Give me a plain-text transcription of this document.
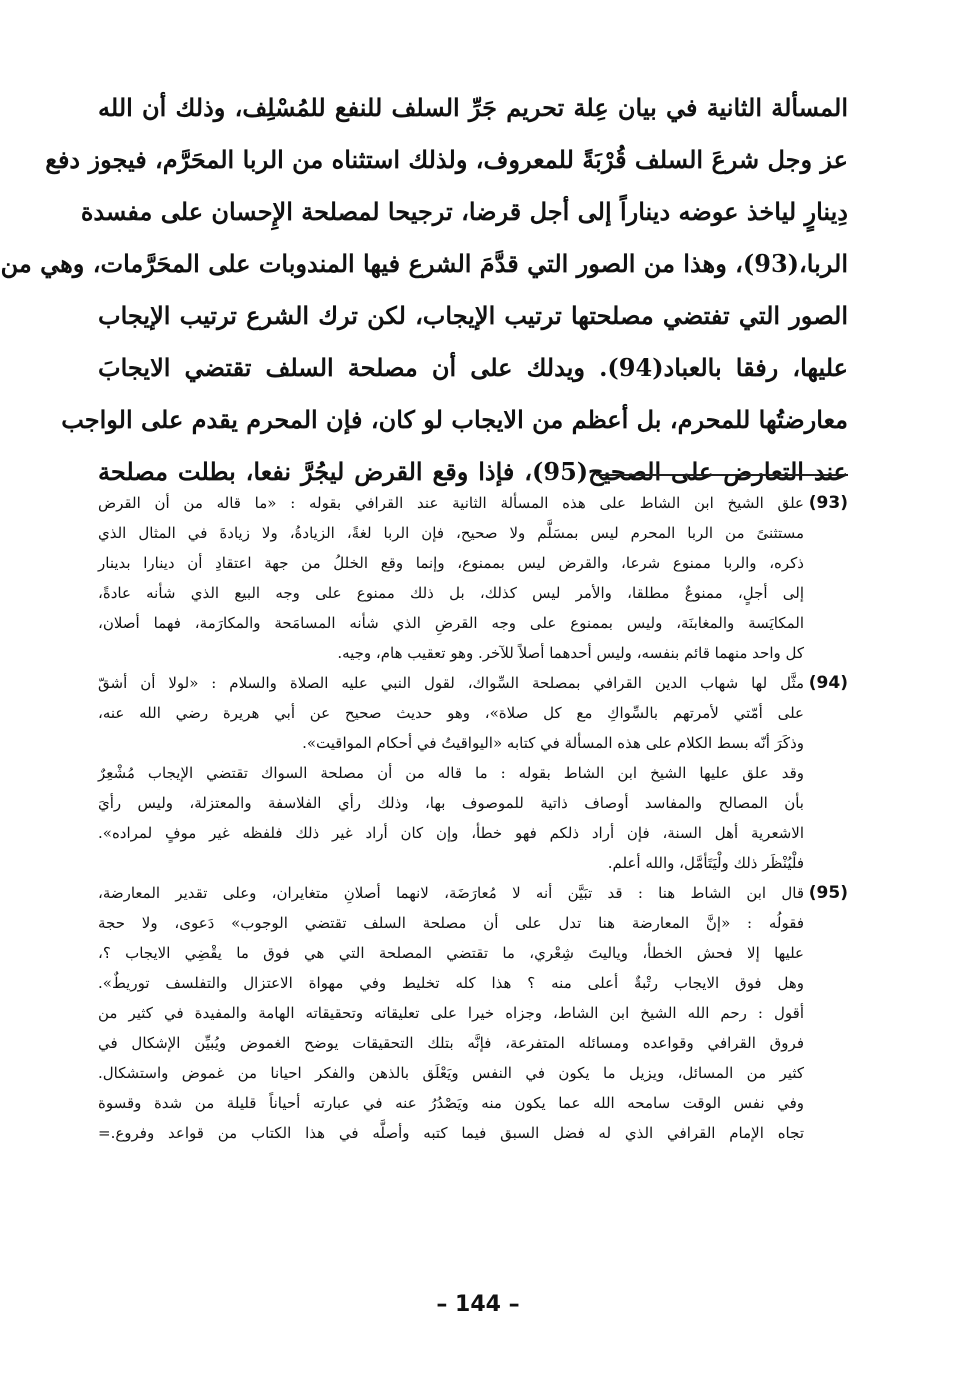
المسألة الثانية في بيان عِلة تحريم جَرِّ السلف للنفع للمُسْلِف، وذلك أن الله
عز وجل شرعَ السلف قُرْبَةً للمعروف، ولذلك استثناه من الربا المحَرَّم، فيجوز دفع
دِينارٍ لياخذ عوضه ديناراً إلى أجل قرضا، ترجيحا لمصلحة الإِحسان على مفسدة
الربا،(93)، وهذا من الصور التي قدَّمَ الشرع فيها المندوبات على المحَرَّمات، وهي من
الصور التي تفتضي مصلحتها ترتيب الإيجاب، لكن ترك الشرع ترتيب الإيجاب
عليها، رفقا بالعباد(94). ويدلك على أن مصلحة السلف تقتضي الايجابَ
معارضتُها للمحرم، بل أعظم من الايجاب لو كان، فإن المحرم يقدم على الواجب
عند التعارض على الصحيح(95)، فإذا وقع القرض ليجُرَّ نفعا، بطلت مصلحة
(93)
علق الشيخ ابن الشاط على هذه المسألة الثانية عند القرافي بقوله : «ما قاله من أن القرض
مستثنىً من الربا المحرم ليس بمسَلَّم ولا صحيح، فإن الربا لغةً، الزيادةُ، ولا زيادةَ في المثال الذي
ذكره، والربا ممنوع شرعا، والقرض ليس بممنوع، وإنما وقع الخللُ من جهة اعتقادِ أن دينارا بدينار
إلى أجلٍ، ممنوعٌ مطلقا، والأمر ليس كذلك، بل ذلك ممنوع على وجه البيع الذي شأنه عادةً،
المكايَسة والمغابنَة، وليس بممنوع على وجه القرضِ الذي شأنه المسامَحة والمكارَمة، فهما أصلان،
كل واحد منهما قائم بنفسه، وليس أحدهما أصلاً للآخر. وهو تعقيب هام، وجيه.
(94)
مثَّل لها شهاب الدين القرافي بمصلحة السِّواك، لقول النبي عليه الصلاة والسلام : «لولا أن أشقّ
على أمّتي لأمرتهم بالسِّواكِ مع كل صلاة»، وهو حديث صحيح عن أبي هريرة رضي الله عنه،
وذكَرَ أنّه بسط الكلام على هذه المسألة في كتابه «اليواقيتُ في أحكام المواقيت».
وقد علق عليها الشيخ ابن الشاط بقوله : ما قاله من أن مصلحة السواك تقتضي الإيجاب مُشْعِرٌ
بأن المصالح والمفاسد أوصاف ذاتية للموصوف بها، وذلك رأي الفلاسفة والمعتزلة، وليس رأيَ
الاشعرية أهل السنة، فإن أراد ذلكم فهو خطأ، وإن كان أراد غير ذلك فلفظه غير موفٍ لمراده».
فلْيُنْظَر ذلك ولْيَتَأمَّل، والله أعلم.
(95)
قال ابن الشاط هنا : قد تبَيَّن أنه لا مُعارَضَة، لانهما أصلانِ متغايران، وعلى تقدير المعارضة،
فقولُه : «إنَّ المعارضة هنا تدل على أن مصلحة السلف تقتضي الوجوب» دَعوى، ولا حجة
عليها إلا فحش الخطأ، وياليتَ شِعْري، ما تقتضي المصلحة التي هي فوق ما يقْضِي الايجاب ؟،
وهل فوق الايجاب رتْبةٌ أعلى منه ؟ هذا كله تخليط وفي مهواة الاعتزال والتفلسف توريطٌ».
أقول : رحم الله الشيخ ابن الشاط، وجزاه خيرا على تعليقاته وتحقيقاته الهامة والمفيدة في كثير من
فروق القرافي وقواعده ومسائله المتفرعة، فإنَّه بتلك التحقيقات يوضح الغموض ويُبيِّن الإشكال في
كثير من المسائل، ويزيل ما يكون في النفس ويَعْلَق بالذهن والفكر احيانا من غموض واستشكال.
وفي نفس الوقت سامحه الله عما يكون منه ويَصْدُرُ عنه في عبارته أحياناً قليلة من شدة وقسوة
تجاه الإمام القرافي الذي له فضل السبق فيما كتبه وأصلَّه في هذا الكتاب من قواعد وفروع.=
– 144 –
